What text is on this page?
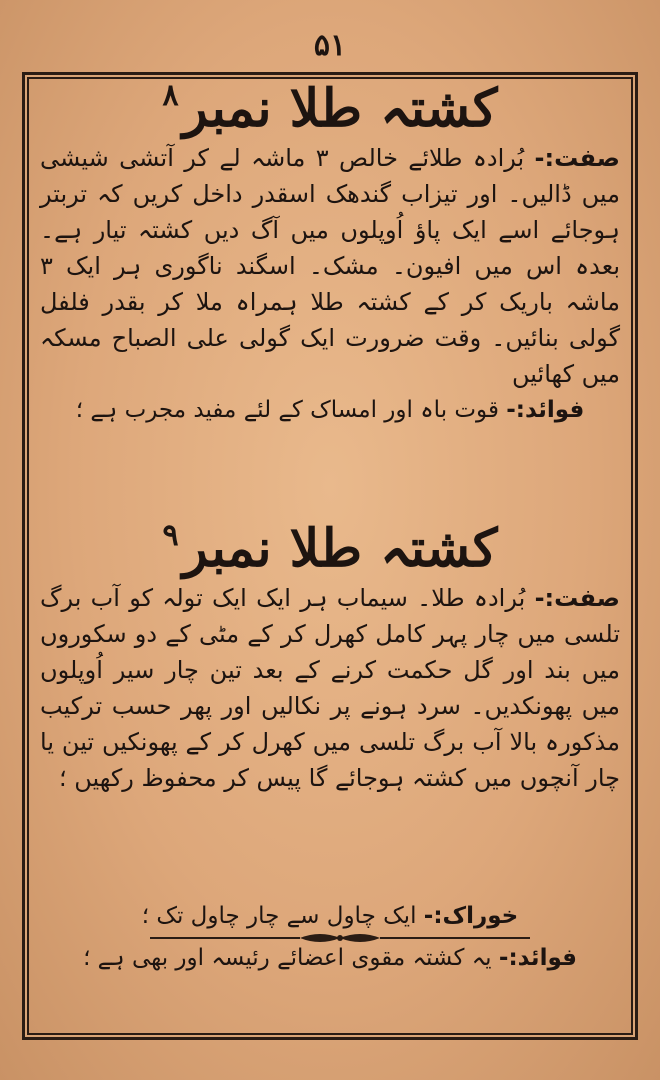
۵۱
کشتہ طلا نمبر$^۸$

صفت:- بُرادہ طلائے خالص ۳ ماشہ لے کر آتشی شیشی میں ڈالیں۔ اور تیزاب گندھک اسقدر داخل کریں کہ تربتر ہوجائے اسے ایک پاؤ اُوپلوں میں آگ دیں کشتہ تیار ہے۔ بعدہ اس میں افیون۔ مشک۔ اسگند ناگوری ہر ایک ۳ ماشہ باریک کر کے کشتہ طلا ہمراہ ملا کر بقدر فلفل گولی بنائیں۔ وقت ضرورت ایک گولی علی الصباح مسکہ میں کھائیں

فوائد:- قوت باہ اور امساک کے لئے مفید مجرب ہے ؛

کشتہ طلا نمبر$^۹$

صفت:- بُرادہ طلا۔ سیماب ہر ایک ایک تولہ کو آب برگ تلسی میں چار پہر کامل کھرل کر کے مٹی کے دو سکوروں میں بند اور گل حکمت کرنے کے بعد تین چار سیر اُوپلوں میں پھونکدیں۔ سرد ہونے پر نکالیں اور پھر حسب ترکیب مذکورہ بالا آب برگ تلسی میں کھرل کر کے پھونکیں تین یا چار آنچوں میں کشتہ ہوجائے گا پیس کر محفوظ رکھیں ؛

خوراک:- ایک چاول سے چار چاول تک ؛

فوائد:- یہ کشتہ مقوی اعضائے رئیسہ اور بھی ہے ؛
